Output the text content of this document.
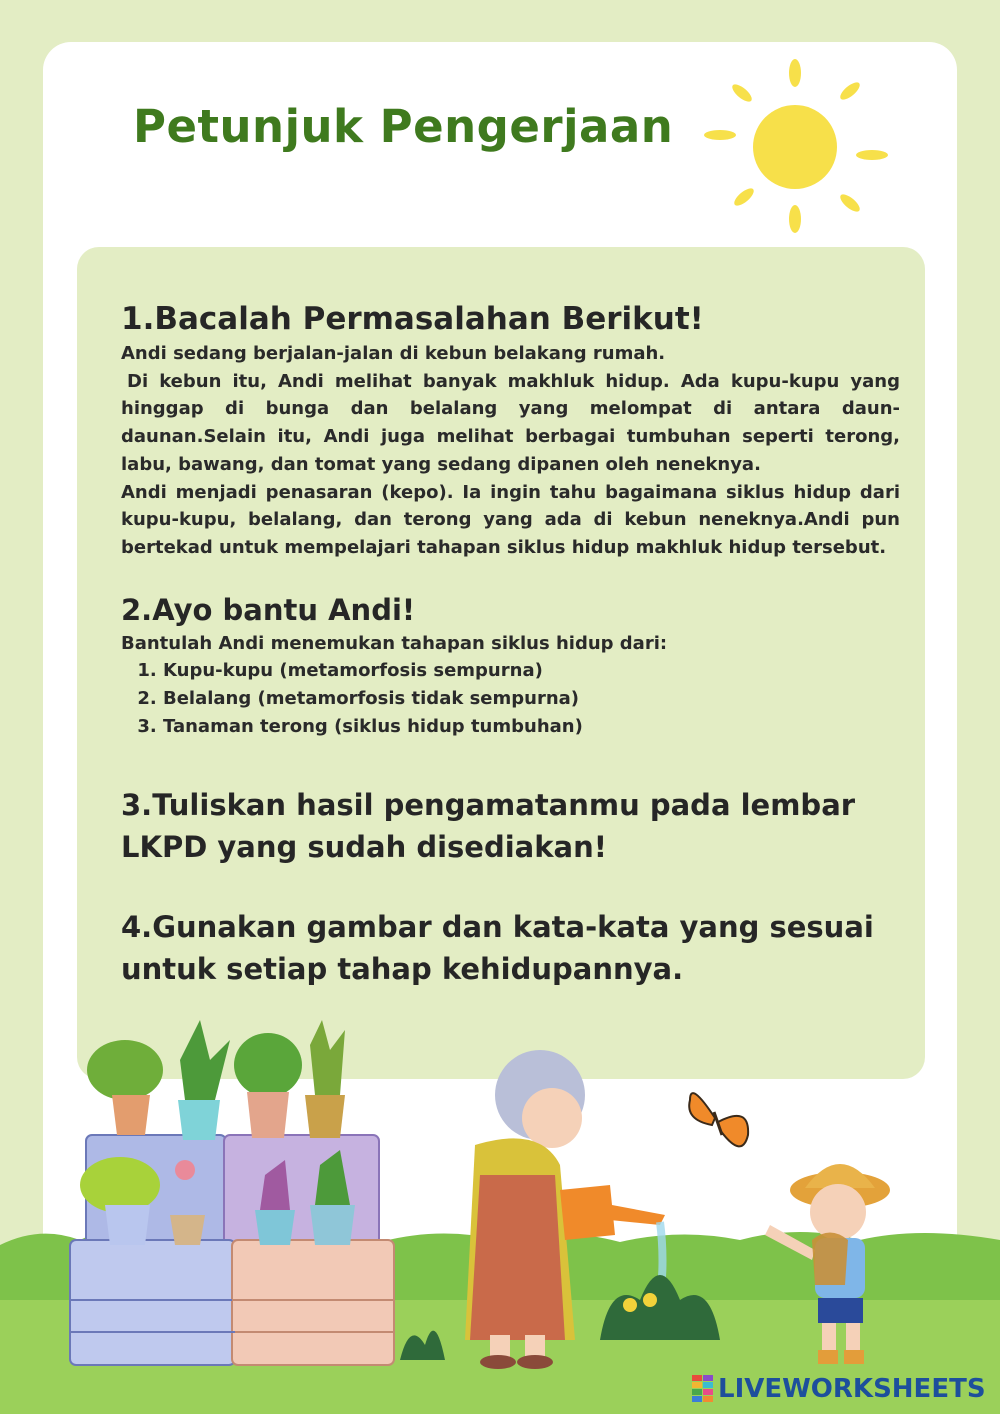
Petunjuk Pengerjaan
1.Bacalah Permasalahan Berikut!

Andi sedang berjalan-jalan di kebun belakang rumah.

Di kebun itu, Andi melihat banyak makhluk hidup. Ada kupu-kupu yang hinggap di bunga dan belalang yang melompat di antara daun-daunan.Selain itu, Andi juga melihat berbagai tumbuhan seperti terong, labu, bawang, dan tomat yang sedang dipanen oleh neneknya.

Andi menjadi penasaran (kepo). Ia ingin tahu bagaimana siklus hidup dari kupu-kupu, belalang, dan terong yang ada di kebun neneknya.Andi pun bertekad untuk mempelajari tahapan siklus hidup makhluk hidup tersebut.

2.Ayo bantu Andi!

Bantulah Andi menemukan tahapan siklus hidup dari:

1. Kupu-kupu (metamorfosis sempurna)
2. Belalang (metamorfosis tidak sempurna)
3. Tanaman terong (siklus hidup tumbuhan)
3.Tuliskan hasil pengamatanmu pada lembar LKPD yang sudah disediakan!
4.Gunakan gambar dan kata-kata yang sesuai untuk setiap tahap kehidupannya.
LIVEWORKSHEETS
